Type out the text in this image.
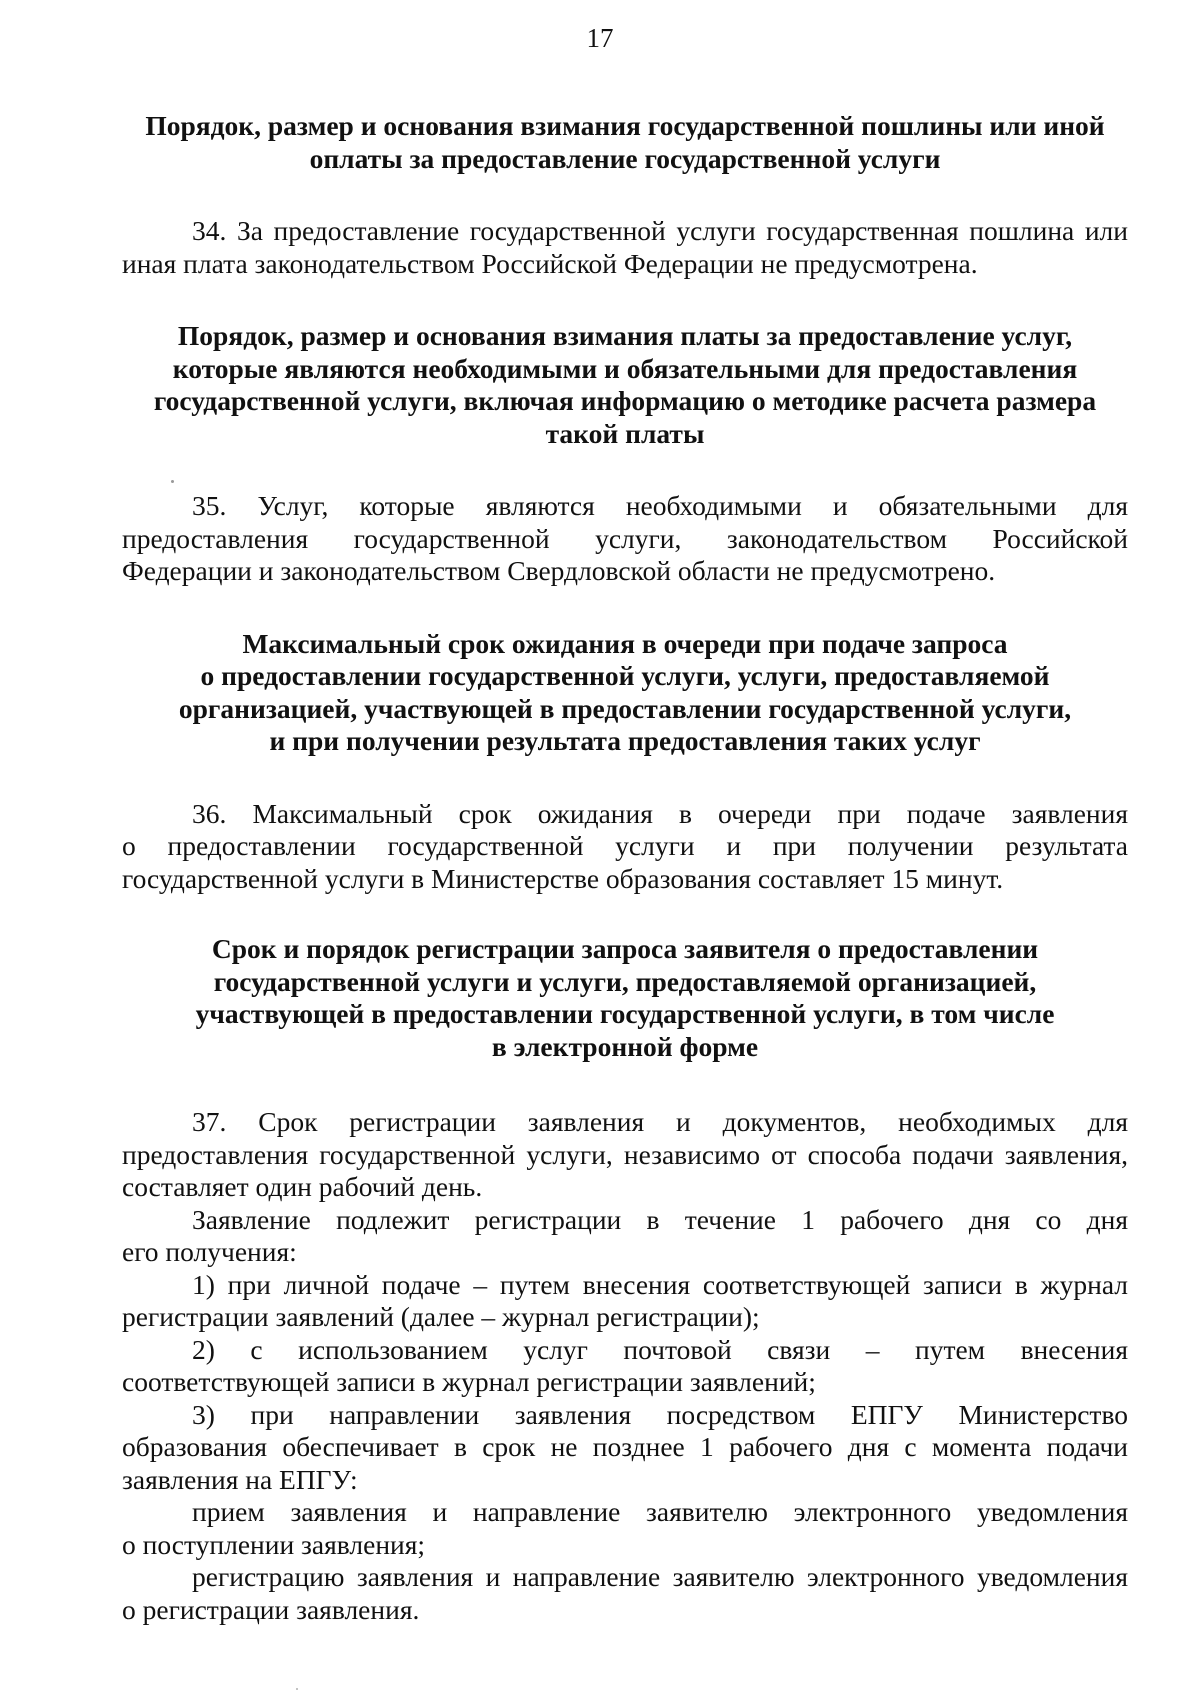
17
Порядок, размер и основания взимания государственной пошлины или иной
оплаты за предоставление государственной услуги
34. За предоставление государственной услуги государственная пошлина или
иная плата законодательством Российской Федерации не предусмотрена.
Порядок, размер и основания взимания платы за предоставление услуг,
которые являются необходимыми и обязательными для предоставления
государственной услуги, включая информацию о методике расчета размера
такой платы
35. Услуг, которые являются необходимыми и обязательными для
предоставления государственной услуги, законодательством Российской
Федерации и законодательством Свердловской области не предусмотрено.
Максимальный срок ожидания в очереди при подаче запроса
о предоставлении государственной услуги, услуги, предоставляемой
организацией, участвующей в предоставлении государственной услуги,
и при получении результата предоставления таких услуг
36. Максимальный срок ожидания в очереди при подаче заявления
о предоставлении государственной услуги и при получении результата
государственной услуги в Министерстве образования составляет 15 минут.
Срок и порядок регистрации запроса заявителя о предоставлении
государственной услуги и услуги, предоставляемой организацией,
участвующей в предоставлении государственной услуги, в том числе
в электронной форме
37. Срок регистрации заявления и документов, необходимых для
предоставления государственной услуги, независимо от способа подачи заявления,
составляет один рабочий день.
Заявление подлежит регистрации в течение 1 рабочего дня со дня
его получения:
1) при личной подаче – путем внесения соответствующей записи в журнал
регистрации заявлений (далее – журнал регистрации);
2) с использованием услуг почтовой связи – путем внесения
соответствующей записи в журнал регистрации заявлений;
3) при направлении заявления посредством ЕПГУ Министерство
образования обеспечивает в срок не позднее 1 рабочего дня с момента подачи
заявления на ЕПГУ:
прием заявления и направление заявителю электронного уведомления
о поступлении заявления;
регистрацию заявления и направление заявителю электронного уведомления
о регистрации заявления.
